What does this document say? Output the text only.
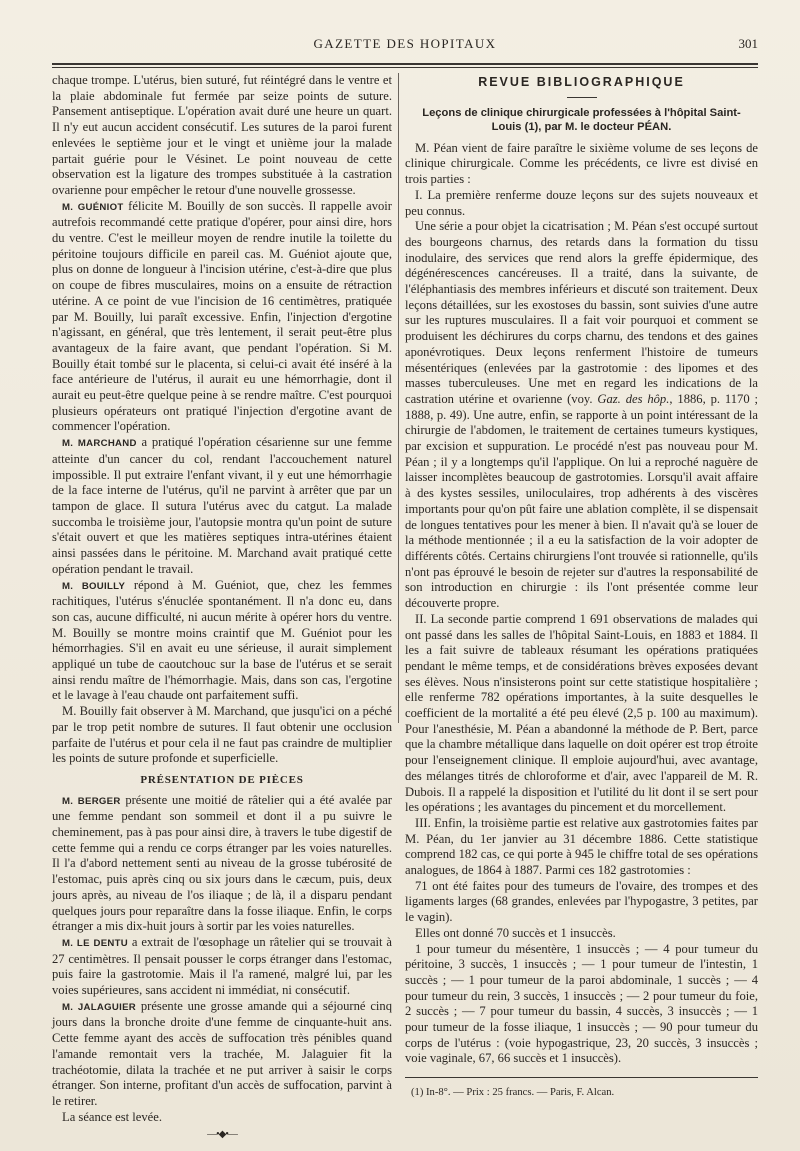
GAZETTE DES HOPITAUX	301

chaque trompe. L'utérus, bien suturé, fut réintégré dans le ventre et la plaie abdominale fut fermée par seize points de suture. Pansement antiseptique. L'opération avait duré une heure un quart. Il n'y eut aucun accident consécutif. Les sutures de la paroi furent enlevées le septième jour et le vingt et unième jour la malade partait guérie pour le Vésinet. Le point nouveau de cette observation est la ligature des trompes substituée à la castration ovarienne pour empêcher le retour d'une nouvelle grossesse.

M. GUÉNIOT félicite M. Bouilly de son succès. Il rappelle avoir autrefois recommandé cette pratique d'opérer, pour ainsi dire, hors du ventre. C'est le meilleur moyen de rendre inutile la toilette du péritoine toujours difficile en pareil cas. M. Guéniot ajoute que, plus on donne de longueur à l'incision utérine, c'est-à-dire que plus on coupe de fibres musculaires, moins on a ensuite de rétraction utérine. A ce point de vue l'incision de 16 centimètres, pratiquée par M. Bouilly, lui paraît excessive. Enfin, l'injection d'ergotine n'agissant, en général, que très lentement, il serait peut-être plus avantageux de la faire avant, que pendant l'opération. Si M. Bouilly était tombé sur le placenta, si celui-ci avait été inséré à la face antérieure de l'utérus, il aurait eu une hémorrhagie, dont il aurait eu peut-être quelque peine à se rendre maître. C'est pourquoi plusieurs opérateurs ont pratiqué l'injection d'ergotine avant de commencer l'opération.

M. MARCHAND a pratiqué l'opération césarienne sur une femme atteinte d'un cancer du col, rendant l'accouchement naturel impossible. Il put extraire l'enfant vivant, il y eut une hémorrhagie de la face interne de l'utérus, qu'il ne parvint à arrêter que par un tampon de glace. Il sutura l'utérus avec du catgut. La malade succomba le troisième jour, l'autopsie montra qu'un point de suture s'était ouvert et que les matières septiques intra-utérines étaient ainsi passées dans le péritoine. M. Marchand avait pratiqué cette opération pendant le travail.

M. BOUILLY répond à M. Guéniot, que, chez les femmes rachitiques, l'utérus s'énuclée spontanément. Il n'a donc eu, dans son cas, aucune difficulté, ni aucun mérite à opérer hors du ventre. M. Bouilly se montre moins craintif que M. Guéniot pour les hémorrhagies. S'il en avait eu une sérieuse, il aurait simplement appliqué un tube de caoutchouc sur la base de l'utérus et se serait ainsi rendu maître de l'hémorrhagie. Mais, dans son cas, l'ergotine et le lavage à l'eau chaude ont parfaitement suffi.

M. Bouilly fait observer à M. Marchand, que jusqu'ici on a péché par le trop petit nombre de sutures. Il faut obtenir une occlusion parfaite de l'utérus et pour cela il ne faut pas craindre de multiplier les points de suture profonde et superficielle.

PRÉSENTATION DE PIÈCES

M. BERGER présente une moitié de râtelier qui a été avalée par une femme pendant son sommeil et dont il a pu suivre le cheminement, pas à pas pour ainsi dire, à travers le tube digestif de cette femme qui a rendu ce corps étranger par les voies naturelles. Il l'a d'abord nettement senti au niveau de la grosse tubérosité de l'estomac, puis après cinq ou six jours dans le cæcum, puis, deux jours après, au niveau de l'os iliaque ; de là, il a disparu pendant quelques jours pour reparaître dans la fosse iliaque. Enfin, le corps étranger a mis dix-huit jours à sortir par les voies naturelles.

M. LE DENTU a extrait de l'œsophage un râtelier qui se trouvait à 27 centimètres. Il pensait pousser le corps étranger dans l'estomac, puis faire la gastrotomie. Mais il l'a ramené, malgré lui, par les voies supérieures, sans accident ni immédiat, ni consécutif.

M. JALAGUIER présente une grosse amande qui a séjourné cinq jours dans la bronche droite d'une femme de cinquante-huit ans. Cette femme ayant des accès de suffocation très pénibles quand l'amande remontait vers la trachée, M. Jalaguier fit la trachéotomie, dilata la trachée et ne put arriver à saisir le corps étranger. Son interne, profitant d'un accès de suffocation, parvint à le retirer.

La séance est levée.

—•◆•—
REVUE BIBLIOGRAPHIQUE
Leçons de clinique chirurgicale professées à l'hôpital Saint-Louis (1), par M. le docteur PÉAN.

M. Péan vient de faire paraître le sixième volume de ses leçons de clinique chirurgicale. Comme les précédents, ce livre est divisé en trois parties :

I. La première renferme douze leçons sur des sujets nouveaux et peu connus.

Une série a pour objet la cicatrisation ; M. Péan s'est occupé surtout des bourgeons charnus, des retards dans la formation du tissu inodulaire, des services que rend alors la greffe épidermique, des dégénérescences cancéreuses. Il a traité, dans la suivante, de l'éléphantiasis des membres inférieurs et discuté son traitement. Deux leçons détaillées, sur les exostoses du bassin, sont suivies d'une autre sur les ruptures musculaires. Il a fait voir pourquoi et comment se produisent les déchirures du corps charnu, des tendons et des gaines aponévrotiques. Deux leçons renferment l'histoire de tumeurs mésentériques (enlevées par la gastrotomie : des lipomes et des masses tuberculeuses. Une met en regard les indications de la castration utérine et ovarienne (voy. Gaz. des hôp., 1886, p. 1170 ; 1888, p. 49). Une autre, enfin, se rapporte à un point intéressant de la chirurgie de l'abdomen, le traitement de certaines tumeurs kystiques, par excision et suppuration. Le procédé n'est pas nouveau pour M. Péan ; il y a longtemps qu'il l'applique. On lui a reproché naguère de laisser incomplètes beaucoup de gastrotomies. Lorsqu'il avait affaire à des kystes sessiles, uniloculaires, trop adhérents à des viscères importants pour qu'on pût faire une ablation complète, il se dispensait de longues tentatives pour les mener à bien. Il n'avait qu'à se louer de la méthode mentionnée ; il a eu la satisfaction de la voir adopter de différents côtés. Certains chirurgiens l'ont trouvée si rationnelle, qu'ils n'ont pas éprouvé le besoin de rejeter sur d'autres la responsabilité de son introduction en chirurgie : ils l'ont présentée comme leur découverte propre.

II. La seconde partie comprend 1 691 observations de malades qui ont passé dans les salles de l'hôpital Saint-Louis, en 1883 et 1884. Il les a fait suivre de tableaux résumant les opérations pratiquées pendant le même temps, et de considérations brèves exposées devant ses élèves. Nous n'insisterons point sur cette statistique hospitalière ; elle renferme 782 opérations importantes, à la suite desquelles le coefficient de la mortalité a été peu élevé (2,5 p. 100 au maximum). Pour l'anesthésie, M. Péan a abandonné la méthode de P. Bert, parce que la chambre métallique dans laquelle on doit opérer est trop étroite pour l'enseignement clinique. Il emploie aujourd'hui, avec avantage, des mélanges titrés de chloroforme et d'air, avec l'appareil de M. R. Dubois. Il a rappelé la disposition et l'utilité du lit dont il se sert pour les opérations ; les avantages du pincement et du morcellement.

III. Enfin, la troisième partie est relative aux gastrotomies faites par M. Péan, du 1er janvier au 31 décembre 1886. Cette statistique comprend 182 cas, ce qui porte à 945 le chiffre total de ses opérations analogues, de 1864 à 1887. Parmi ces 182 gastrotomies :

71 ont été faites pour des tumeurs de l'ovaire, des trompes et des ligaments larges (68 grandes, enlevées par l'hypogastre, 3 petites, par le vagin).

Elles ont donné 70 succès et 1 insuccès.

1 pour tumeur du mésentère, 1 insuccès ; — 4 pour tumeur du péritoine, 3 succès, 1 insuccès ; — 1 pour tumeur de l'intestin, 1 succès ; — 1 pour tumeur de la paroi abdominale, 1 succès ; — 4 pour tumeur du rein, 3 succès, 1 insuccès ; — 2 pour tumeur du foie, 2 succès ; — 7 pour tumeur du bassin, 4 succès, 3 insuccès ; — 1 pour tumeur de la fosse iliaque, 1 insuccès ; — 90 pour tumeur du corps de l'utérus : (voie hypogastrique, 23, 20 succès, 3 insuccès ; voie vaginale, 67, 66 succès et 1 insuccès).

(1) In-8°. — Prix : 25 francs. — Paris, F. Alcan.
